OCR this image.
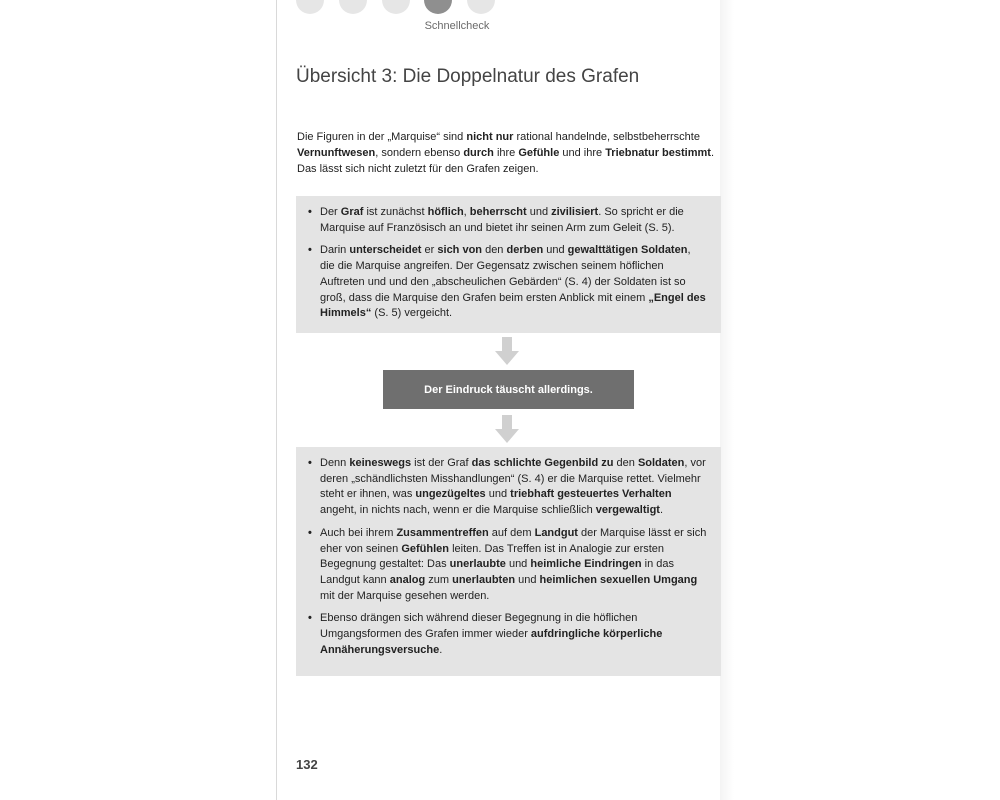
Schnellcheck
Übersicht 3: Die Doppelnatur des Grafen

Die Figuren in der „Marquise“ sind nicht nur rational handelnde, selbstbeherrschte Vernunftwesen, sondern ebenso durch ihre Gefühle und ihre Triebnatur bestimmt. Das lässt sich nicht zuletzt für den Grafen zeigen.

• Der Graf ist zunächst höflich, beherrscht und zivilisiert. So spricht er die Marquise auf Französisch an und bietet ihr seinen Arm zum Geleit (S. 5).
• Darin unterscheidet er sich von den derben und gewalttätigen Soldaten, die die Marquise angreifen. Der Gegensatz zwischen seinem höflichen Auftreten und und den „abscheulichen Gebärden“ (S. 4) der Soldaten ist so groß, dass die Marquise den Grafen beim ersten Anblick mit einem „Engel des Himmels“ (S. 5) vergeicht.
Der Eindruck täuscht allerdings.
• Denn keineswegs ist der Graf das schlichte Gegenbild zu den Soldaten, vor deren „schändlichsten Misshandlungen“ (S. 4) er die Marquise rettet. Vielmehr steht er ihnen, was ungezügeltes und triebhaft gesteuertes Verhalten angeht, in nichts nach, wenn er die Marquise schließlich vergewaltigt.
• Auch bei ihrem Zusammentreffen auf dem Landgut der Marquise lässt er sich eher von seinen Gefühlen leiten. Das Treffen ist in Analogie zur ersten Begegnung gestaltet: Das unerlaubte und heimliche Eindringen in das Landgut kann analog zum unerlaubten und heimlichen sexuellen Umgang mit der Marquise gesehen werden.
• Ebenso drängen sich während dieser Begegnung in die höflichen Umgangsformen des Grafen immer wieder aufdringliche körperliche Annäherungsversuche.
132
